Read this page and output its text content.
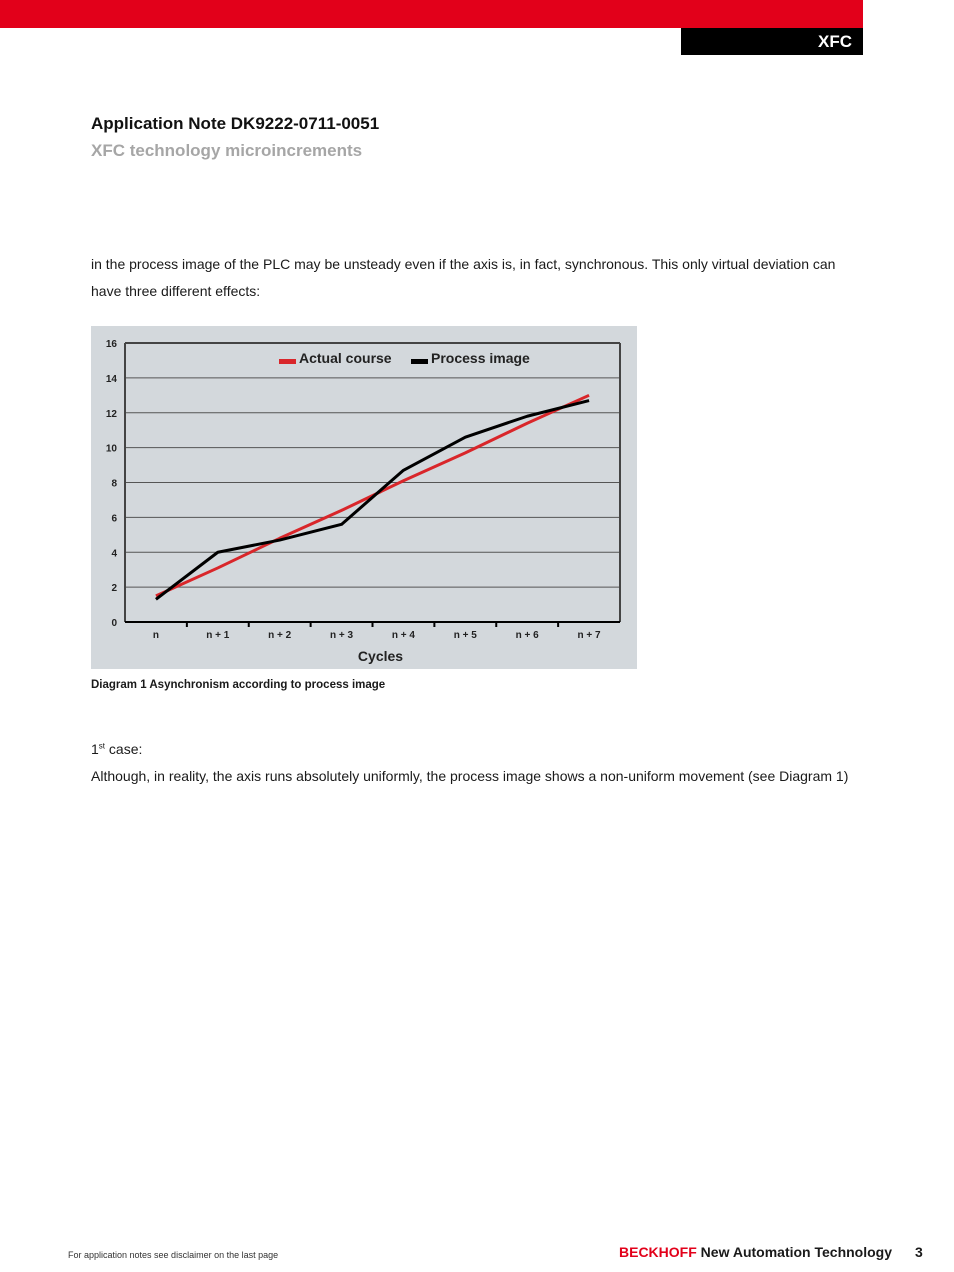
XFC
Application Note DK9222-0711-0051
XFC technology microincrements
in the process image of the PLC may be unsteady even if the axis is, in fact, synchronous. This only virtual deviation can have three different effects:
0
2
4
6
8
10
12
14
16
n	n + 1	n + 2	n + 3	n + 4	n + 5	n + 6	n + 7
Cycles
Actual course	Process image
Diagram 1 Asynchronism according to process image
1st case:
Although, in reality, the axis runs absolutely uniformly, the process image shows a non-uniform movement (see Diagram 1)
For application notes see disclaimer on the last page	BECKHOFF New Automation Technology 3
